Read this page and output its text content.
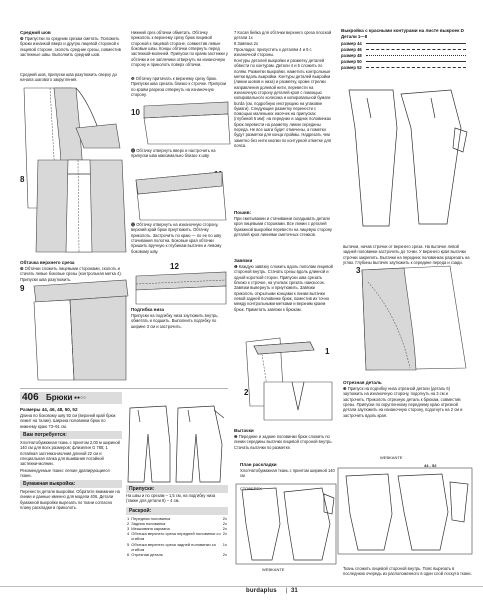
Средний шов
❾ Припустки по средним срезам сметать. Положить брюки изнанкой вверх и другую лицевой стороной к лицевой стороне, сколоть средние срезы, совместив застежные швы. Выполнить средний шов.
Средний шов, припуски шва разутюжить сверху до начала шагового закругления.
8
Обтачка верхнего среза
❾ Обтачки сложить лицевыми сторонами, сколоть и стачать левые боковые срезы (контрольная метка 4). Припуски шва разутюжить.
9
Нижний срез обтачки обметать. Обтачку приколоть к верхнему срезу брюк лицевой стороной к лицевой стороне, совместив левые боковые швы. Концы обтачки отвернуть перед застежкой-молнией. Припуски по краям застежки у обтачки и ее заплечики отвернуть на изнаночную сторону и приколоть поверх обтачки.
❿ Обтачку притачать к верхнему срезу брюк. Припуски шва срезать близко к строчке. Припуски по краям разреза отвернуть на изнаночную сторону.
10
⓫ Обтачку отвернуть вверх и настрочить на припуски шва максимально близко к шву.
⓬ Обтачку отвернуть на изнаночную сторону, верхний край брюк приутюжить. Обтачку приколоть. Застрочить по краю — по ее по шву стачивания полотна. Боковые края обтачки пришить вручную к глубинам вытачек и левому боковому шву.
12
Подгибка низа
Припуски на подгибку низа заутюжить внутрь, обметать и подшить. Выполнить подгибку по ширине 3 см и застрочить.
7 Косая бейка для обтачки верхнего среза плоской детали 1x
8 Завязка 2x
Прокладка: припустить к деталям 4 и 5 с изнаночной стороны.
Контуры деталей выкройки и разметку деталей обвести по контурам. Детали 4 и 5 сложить по полям. Разметки выкройки, наметить контрольные метки вдоль выкройки. Контуры деталей выкройки (линии шовов и низа) и разметку, кроме стрелки направления долевой нити, перевести на изнаночную сторону деталей кроя с помощью копировального колесика и копировальной бумаги burda (см. подробную инструкцию на упаковке бумаги). Следующие разметку перенести с помощью маленьких насечек на припусках (глубиной 5 мм): на передних и задних половинках брюк перевести на разметку линии середины переда. Не все шаги будет отмечены, а пометки будут разметки для конца проймы. Надрезать чем заметно без нити кнопки по контурной отметке для пояса.
Пошив:
При сметывании и стачивании складывать детали кроя лицевыми сторонами. Все линии с деталей бумажной выкройки перевести на лицевую сторону деталей кроя линиями сметочных стежков.
Завязки
❶ Каждую завязку сложить вдоль пополам лицевой стороной внутрь. Стачать срезы вдоль длинной и одной короткой сторон. Припуски шва срезать близко к строчке, на уголках срезать наискосок. Завязки вывернуть и приутюжить. Завязки приколоть открытыми концами к линии вытачки левой задней половинке брюк, поместив их точно между контрольными метками и верхним краем брюк. Приметать завязки к брюкам.
1
2
Вытачки
❷ Передние и задние половинки брюк сложить по линии середины вытачки лицевой стороной внутрь. Стачать вытачки по разметке.
Выкройка с красными контурами на листе выкроек D
Детали 1—8
размер 44
размер 46
размер 48
размер 50
размер 52
вытачки, начав строчки от верхнего среза. На вытачке левой задней половинки застрочить до точки. У верхнего края вытачки строчки закрепить. Вытачки на передних половинках разрезать на углах. Глубины вытачек заутюжить к середине переда и сзади.
3
Отрезная деталь
❸ Припуск на подгибку низа отрезной детали (деталь 6) заутюжить на изнаночную сторону, подогнуть на 3 см и застрочить. Приколоть отрезную деталь к брюкам, совместив срезы. Припуски по скругленному переднему краю отрезной детали заутюжить на изнаночную сторону, подогнуть на 2 см и застрочить вдоль края.
406 Брюки ●●○○
Размеры 44, 46, 48, 50, 52
Длина по боковому шву 92 см (верхний край брюк лежит на талии). Ширина половинки брюк по нижнему краю 73–91 см.
Вам потребуется:
Хлопчатобумажная ткань с принтом 2,00 м шириной 140 см для всех размеров; флизелин G 785; 1 потайная застежка-молния длиной 22 см и специальная лапка для вшивания потайной застежки-молнии.
Рекомендуемые ткани: легкие драпирующиеся ткани.
Бумажная выкройка:
Перенести детали выкройки. Обратите внимание на линии и данные именно для модели 406. Детали бумажной выкройки вырезать по ткани согласно плану раскладки и приколоть.
Припуски:
На швы и по срезам – 1,5 см, на подгибку низа (также для детали 6) – 4 см.
Раскрой:
1	Передняя половинка	2x
2	Задняя половинка	2x
3	Мешковина кармана	2x
4	Обтачка верхнего среза передней половинки со сгибом	2x
5	Обтачка верхнего среза задней половинки со сгибом	1x
6	Отрезная деталь	2x
План раскладки
Хлопчатобумажная ткань с принтом шириной 140 см
44 - 52
WEBKANTE
СТОФБРЕХ
WEBKANTE	Ткань сложить лицевой стороной внутрь. Пояс вырезать в последнюю очередь из расположенного в один слой лоскута ткани.
burdaplus | 31
